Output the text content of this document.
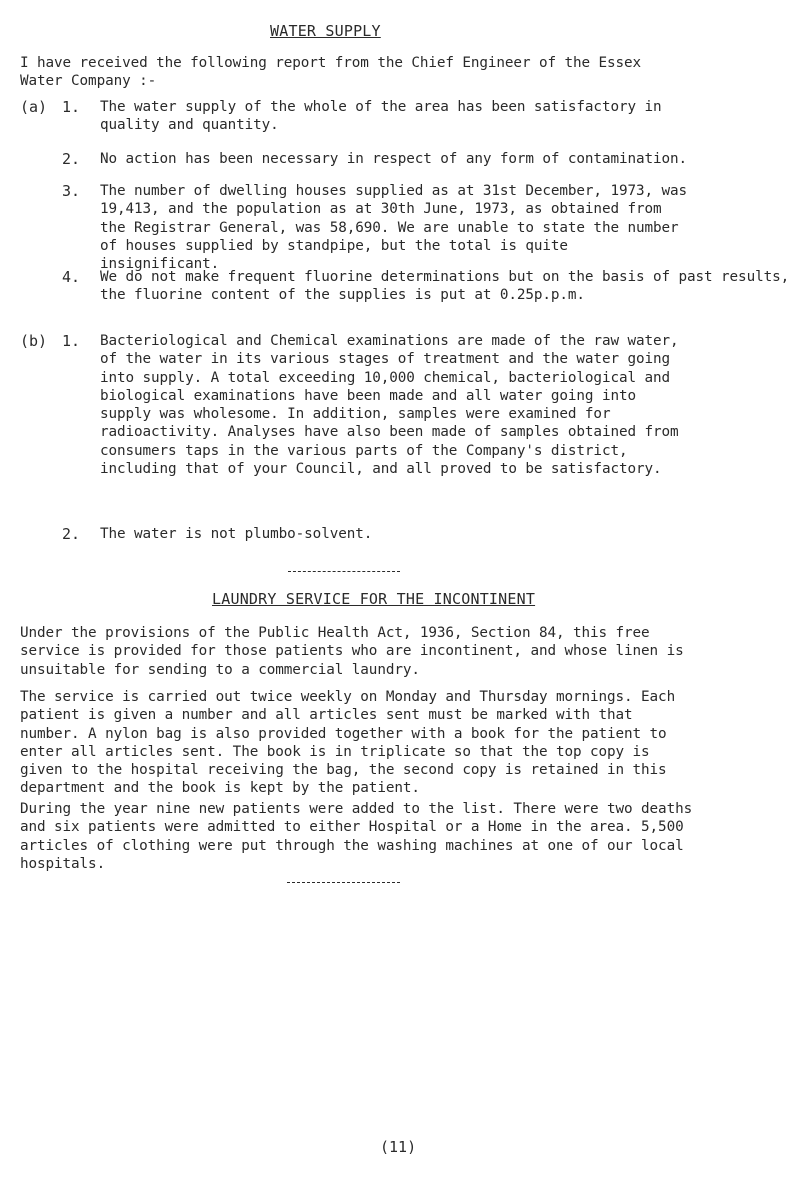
WATER SUPPLY
I have received the following report from the Chief Engineer of the Essex Water Company :-
(a) 1. The water supply of the whole of the area has been satisfactory in quality and quantity.
2. No action has been necessary in respect of any form of contamination.
3. The number of dwelling houses supplied as at 31st December, 1973, was 19,413, and the population as at 30th June, 1973, as obtained from the Registrar General, was 58,690. We are unable to state the number of houses supplied by standpipe, but the total is quite insignificant.
4. We do not make frequent fluorine determinations but on the basis of past results, the fluorine content of the supplies is put at 0.25p.p.m.
(b) 1. Bacteriological and Chemical examinations are made of the raw water, of the water in its various stages of treatment and the water going into supply. A total exceeding 10,000 chemical, bacteriological and biological examinations have been made and all water going into supply was wholesome. In addition, samples were examined for radioactivity. Analyses have also been made of samples obtained from consumers taps in the various parts of the Company's district, including that of your Council, and all proved to be satisfactory.
2. The water is not plumbo-solvent.
LAUNDRY SERVICE FOR THE INCONTINENT
Under the provisions of the Public Health Act, 1936, Section 84, this free service is provided for those patients who are incontinent, and whose linen is unsuitable for sending to a commercial laundry.
The service is carried out twice weekly on Monday and Thursday mornings. Each patient is given a number and all articles sent must be marked with that number. A nylon bag is also provided together with a book for the patient to enter all articles sent. The book is in triplicate so that the top copy is given to the hospital receiving the bag, the second copy is retained in this department and the book is kept by the patient.
During the year nine new patients were added to the list. There were two deaths and six patients were admitted to either Hospital or a Home in the area. 5,500 articles of clothing were put through the washing machines at one of our local hospitals.
(11)
